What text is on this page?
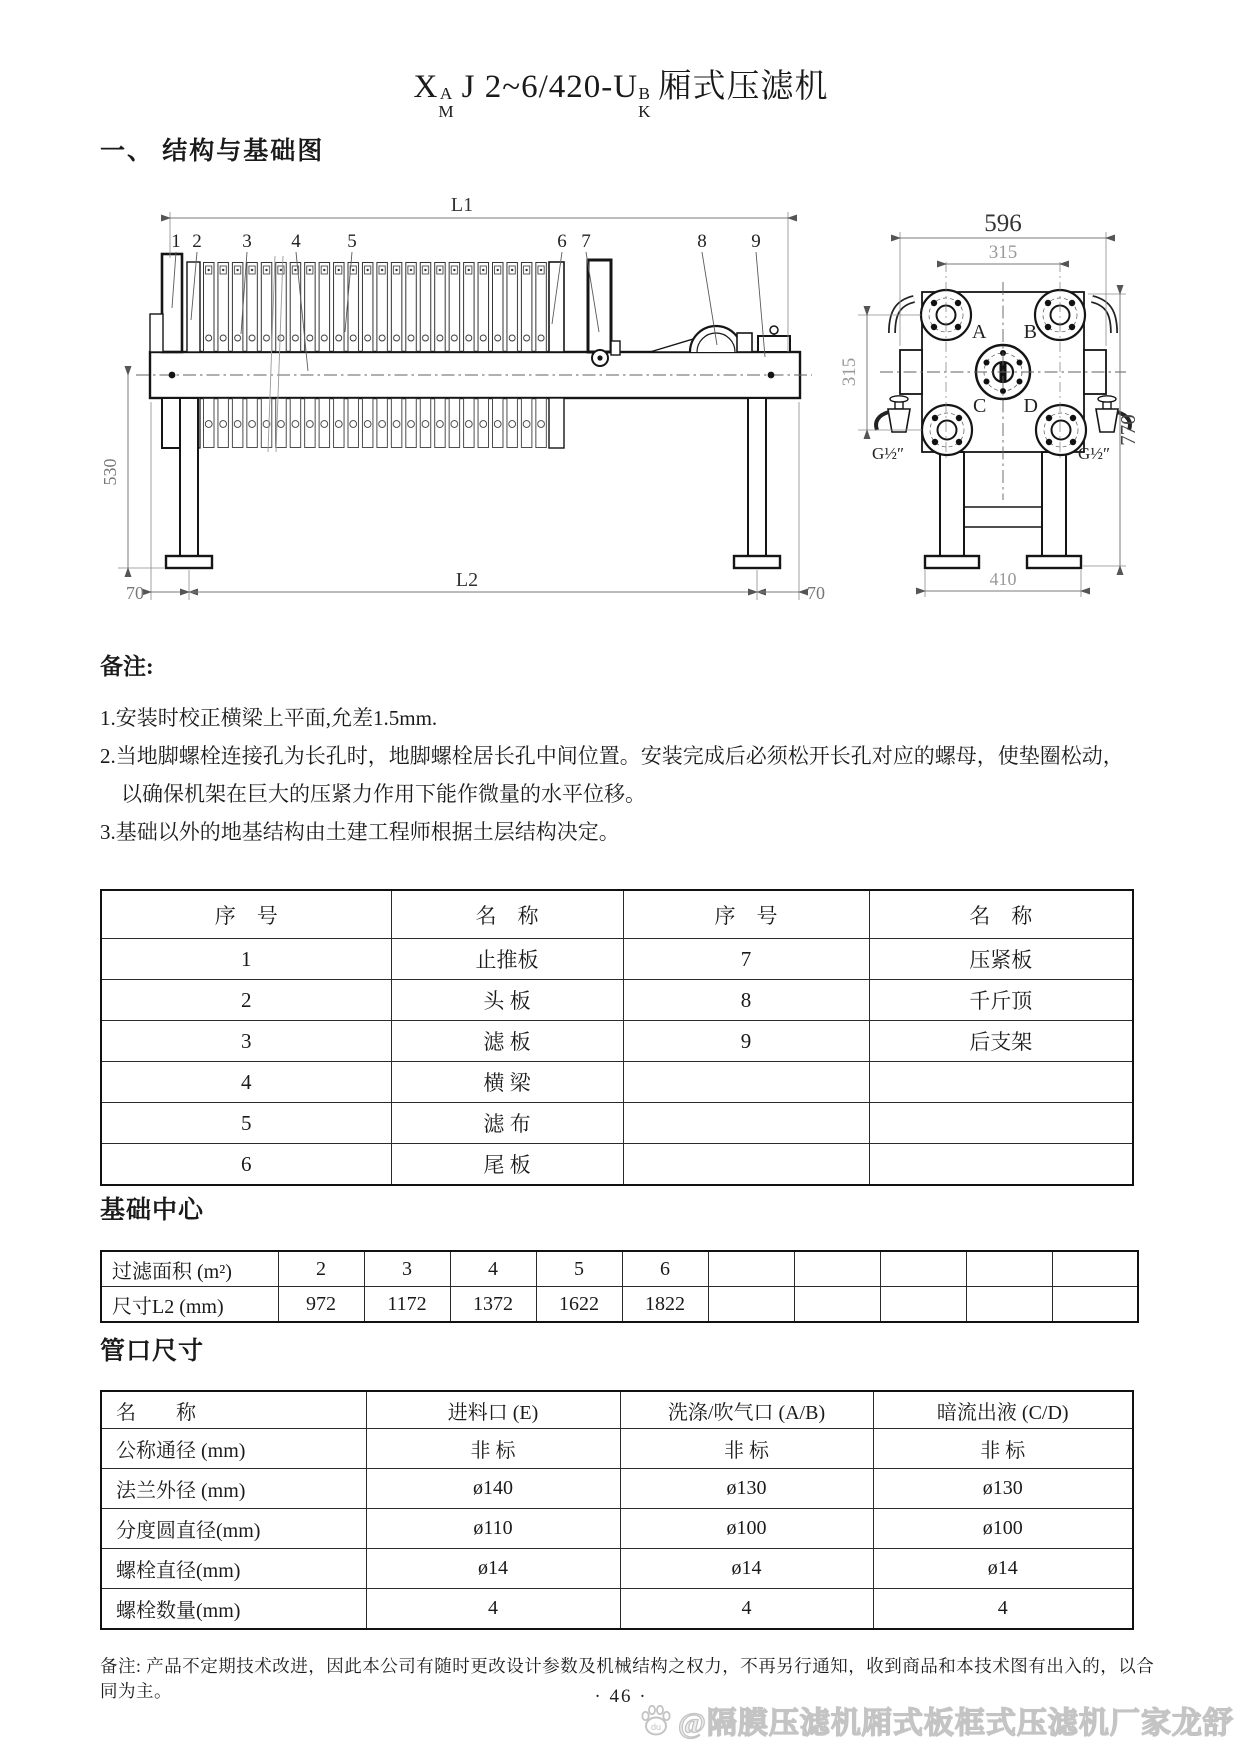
X A
M
J 2~6/420-U B
K
厢式压滤机
一、 结构与基础图
L1
1 2 3 4 5	6 7	8 9
530
70
L2
70
596
315
315
770
410
A B
C D
G½″	G½″
备注:

1.安装时校正横梁上平面,允差1.5mm.

2.当地脚螺栓连接孔为长孔时，地脚螺栓居长孔中间位置。安装完成后必须松开长孔对应的螺母，使垫圈松动，

以确保机架在巨大的压紧力作用下能作微量的水平位移。

3.基础以外的地基结构由土建工程师根据土层结构决定。

序　号	名　称	序　号	名　称
1	止推板	7	压紧板
2	头 板	8	千斤顶
3	滤 板	9	后支架
4	横 梁		
5	滤 布		
6	尾 板		
基础中心
过滤面积 (m²)	2	3	4	5	6					
尺寸L2 (mm)	972	1172	1372	1622	1822					
管口尺寸
名　　称	进料口 (E)	洗涤/吹气口 (A/B)	暗流出液 (C/D)
公称通径 (mm)	非 标	非 标	非 标
法兰外径 (mm)	ø140	ø130	ø130
分度圆直径(mm)	ø110	ø100	ø100
螺栓直径(mm)	ø14	ø14	ø14
螺栓数量(mm)	4	4	4
备注: 产品不定期技术改进，因此本公司有随时更改设计参数及机械结构之权力，不再另行通知，收到商品和本技术图有出入的，以合同为主。	· 46 ·
du @隔膜压滤机厢式板框式压滤机厂家龙舒
